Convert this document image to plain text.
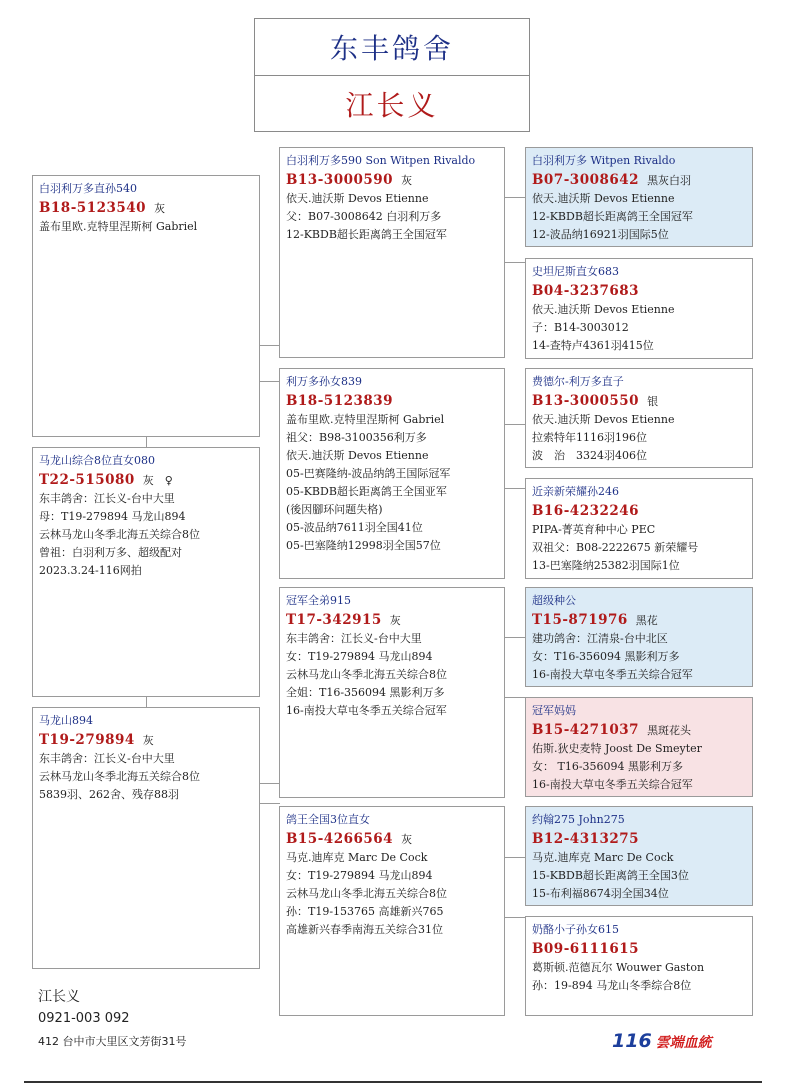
东丰鸽舍
江长义
白羽利万多直孙540
B18-5123540 灰
盖布里欧.克特里涅斯柯 Gabriel
马龙山综合8位直女080
T22-515080 灰　♀
东丰鸽舍：江长义-台中大里
母：T19-279894 马龙山894
云林马龙山冬季北海五关综合8位
曾祖：白羽利万多、超级配对
2023.3.24-116网拍
马龙山894
T19-279894 灰
东丰鸽舍：江长义-台中大里
云林马龙山冬季北海五关综合8位
5839羽、262舍、残存88羽
白羽利万多590 Son Witpen Rivaldo
B13-3000590 灰
依天.迪沃斯 Devos Etienne
父：B07-3008642 白羽利万多
12-KBDB超长距离鸽王全国冠军
利万多孙女839
B18-5123839
盖布里欧.克特里涅斯柯 Gabriel
祖父：B98-3100356利万多
依天.迪沃斯 Devos Etienne
05-巴赛隆纳-波品纳鸽王国际冠军
05-KBDB超长距离鸽王全国亚军
(後因腳环问题失格)
05-波品纳7611羽全国41位
05-巴塞隆纳12998羽全国57位
冠军全弟915
T17-342915 灰
东丰鸽舍：江长义-台中大里
女：T19-279894 马龙山894
云林马龙山冬季北海五关综合8位
全姐：T16-356094 黑影利万多
16-南投大草屯冬季五关综合冠军
鸽王全国3位直女
B15-4266564 灰
马克.迪库克 Marc De Cock
女：T19-279894 马龙山894
云林马龙山冬季北海五关综合8位
孙：T19-153765 高雄新兴765
高雄新兴春季南海五关综合31位
白羽利万多 Witpen Rivaldo
B07-3008642 黑灰白羽
依天.迪沃斯 Devos Etienne
12-KBDB超长距离鸽王全国冠军
12-波品纳16921羽国际5位
史坦尼斯直女683
B04-3237683
依天.迪沃斯 Devos Etienne
子：B14-3003012
14-查特卢4361羽415位
费德尔-利万多直子
B13-3000550 银
依天.迪沃斯 Devos Etienne
拉索特年1116羽196位
波　治　3324羽406位
近亲新荣耀孙246
B16-4232246
PIPA-菁英育种中心 PEC
双祖父：B08-2222675 新荣耀号
13-巴塞隆纳25382羽国际1位
超级种公
T15-871976 黑花
建功鸽舍：江清泉-台中北区
女：T16-356094 黑影利万多
16-南投大草屯冬季五关综合冠军
冠军妈妈
B15-4271037 黑斑花头
佑斯.狄史麦特 Joost De Smeyter
女： T16-356094 黑影利万多
16-南投大草屯冬季五关综合冠军
约翰275 John275
B12-4313275
马克.迪库克 Marc De Cock
15-KBDB超长距离鸽王全国3位
15-布利福8674羽全国34位
奶酪小子孙女615
B09-6111615
葛斯顿.范德瓦尔 Wouwer Gaston
孙：19-894 马龙山冬季综合8位
江长义
0921-003 092
412 台中市大里区文芳街31号	116 雲端血統
